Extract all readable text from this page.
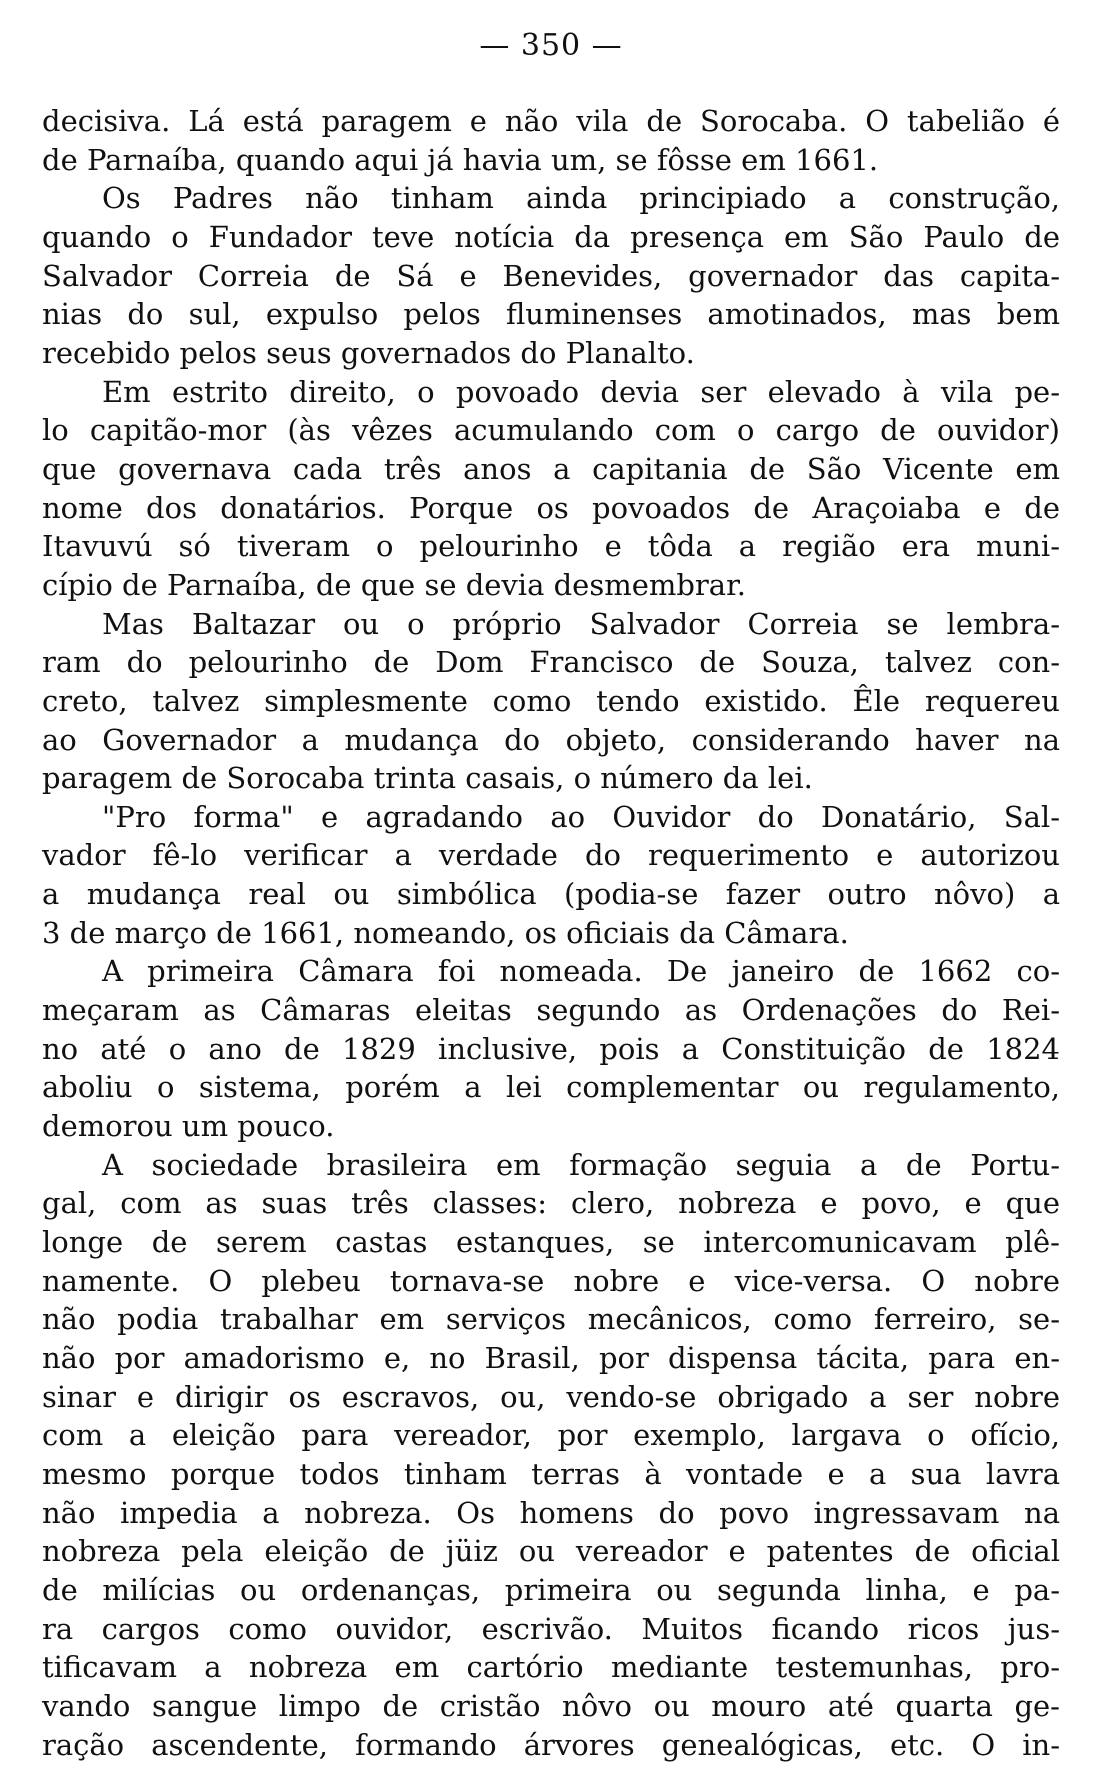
— 350 —
decisiva. Lá está paragem e não vila de Sorocaba. O tabelião é
de Parnaíba, quando aqui já havia um, se fôsse em 1661.
Os Padres não tinham ainda principiado a construção,
quando o Fundador teve notícia da presença em São Paulo de
Salvador Correia de Sá e Benevides, governador das capita-
nias do sul, expulso pelos fluminenses amotinados, mas bem
recebido pelos seus governados do Planalto.
Em estrito direito, o povoado devia ser elevado à vila pe-
lo capitão-mor (às vêzes acumulando com o cargo de ouvidor)
que governava cada três anos a capitania de São Vicente em
nome dos donatários. Porque os povoados de Araçoiaba e de
Itavuvú só tiveram o pelourinho e tôda a região era muni-
cípio de Parnaíba, de que se devia desmembrar.
Mas Baltazar ou o próprio Salvador Correia se lembra-
ram do pelourinho de Dom Francisco de Souza, talvez con-
creto, talvez simplesmente como tendo existido. Êle requereu
ao Governador a mudança do objeto, considerando haver na
paragem de Sorocaba trinta casais, o número da lei.
"Pro forma" e agradando ao Ouvidor do Donatário, Sal-
vador fê-lo verificar a verdade do requerimento e autorizou
a mudança real ou simbólica (podia-se fazer outro nôvo) a
3 de março de 1661, nomeando, os oficiais da Câmara.
A primeira Câmara foi nomeada. De janeiro de 1662 co-
meçaram as Câmaras eleitas segundo as Ordenações do Rei-
no até o ano de 1829 inclusive, pois a Constituição de 1824
aboliu o sistema, porém a lei complementar ou regulamento,
demorou um pouco.
A sociedade brasileira em formação seguia a de Portu-
gal, com as suas três classes: clero, nobreza e povo, e que
longe de serem castas estanques, se intercomunicavam plê-
namente. O plebeu tornava-se nobre e vice-versa. O nobre
não podia trabalhar em serviços mecânicos, como ferreiro, se-
não por amadorismo e, no Brasil, por dispensa tácita, para en-
sinar e dirigir os escravos, ou, vendo-se obrigado a ser nobre
com a eleição para vereador, por exemplo, largava o ofício,
mesmo porque todos tinham terras à vontade e a sua lavra
não impedia a nobreza. Os homens do povo ingressavam na
nobreza pela eleição de jüiz ou vereador e patentes de oficial
de milícias ou ordenanças, primeira ou segunda linha, e pa-
ra cargos como ouvidor, escrivão. Muitos ficando ricos jus-
tificavam a nobreza em cartório mediante testemunhas, pro-
vando sangue limpo de cristão nôvo ou mouro até quarta ge-
ração ascendente, formando árvores genealógicas, etc. O in-
